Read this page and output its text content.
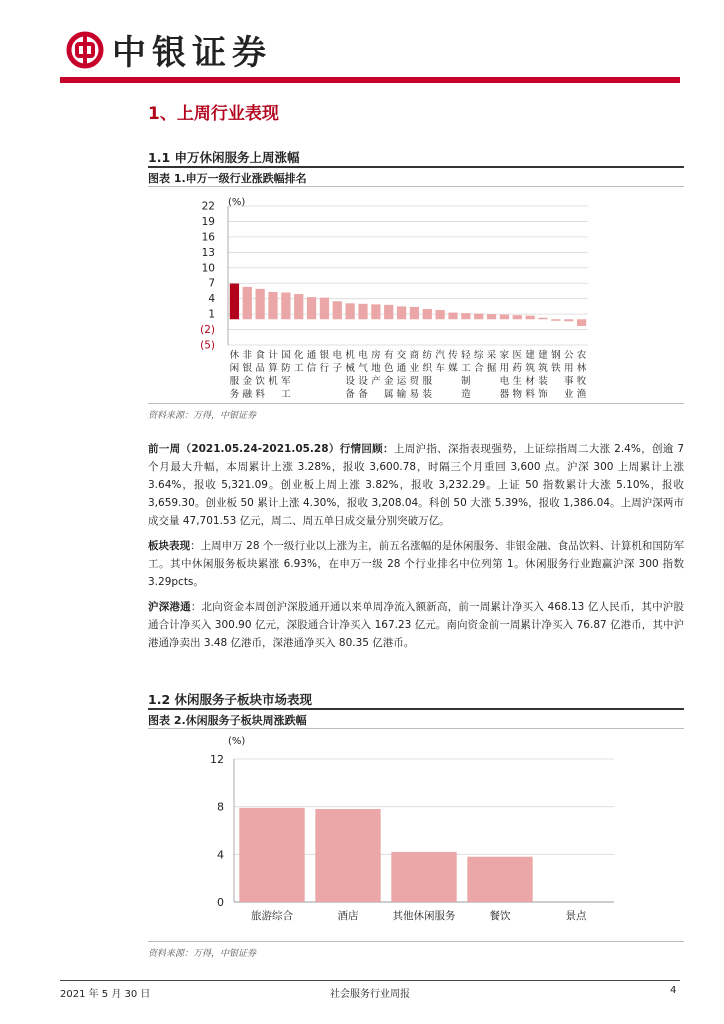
中银证券
1、上周行业表现
1.1 申万休闲服务上周涨幅
图表 1.申万一级行业涨跌幅排名
22
19
16
13
10
7
4
1
(2)
(5)
(%)
休闲服务
非银金融
食品饮料
计算机
国防军工
化工
通信
银行
电子
机械设备
电气设备
房地产
有色金属
交通运输
商业贸易
纺织服装
汽车
传媒
轻工制造
综合
采掘
家用电器
医药生物
建筑材料
建筑装饰
钢铁
公用事业
农林牧渔
资料来源：万得，中银证券
前一周（2021.05.24-2021.05.28）行情回顾：上周沪指、深指表现强势，上证综指周二大涨 2.4%，创逾 7 个月最大升幅，本周累计上涨 3.28%，报收 3,600.78，时隔三个月重回 3,600 点。沪深 300 上周累计上涨 3.64%，报收 5,321.09。创业板上周上涨 3.82%，报收 3,232.29。上证 50 指数累计大涨 5.10%，报收 3,659.30。创业板 50 累计上涨 4.30%，报收 3,208.04。科创 50 大涨 5.39%，报收 1,386.04。上周沪深两市成交量 47,701.53 亿元，周二、周五单日成交量分别突破万亿。
板块表现：上周申万 28 个一级行业以上涨为主，前五名涨幅的是休闲服务、非银金融、食品饮料、计算机和国防军工。其中休闲服务板块累涨 6.93%，在申万一级 28 个行业排名中位列第 1。休闲服务行业跑赢沪深 300 指数 3.29pcts。
沪深港通：北向资金本周创沪深股通开通以来单周净流入额新高，前一周累计净买入 468.13 亿人民币，其中沪股通合计净买入 300.90 亿元，深股通合计净买入 167.23 亿元。南向资金前一周累计净买入 76.87 亿港币，其中沪港通净卖出 3.48 亿港币，深港通净买入 80.35 亿港币。
1.2 休闲服务子板块市场表现
图表 2.休闲服务子板块周涨跌幅
0
4
8
12
旅游综合	酒店	其他休闲服务	餐饮	景点
(%)
资料来源：万得，中银证券
2021 年 5 月 30 日	社会服务行业周报	4
